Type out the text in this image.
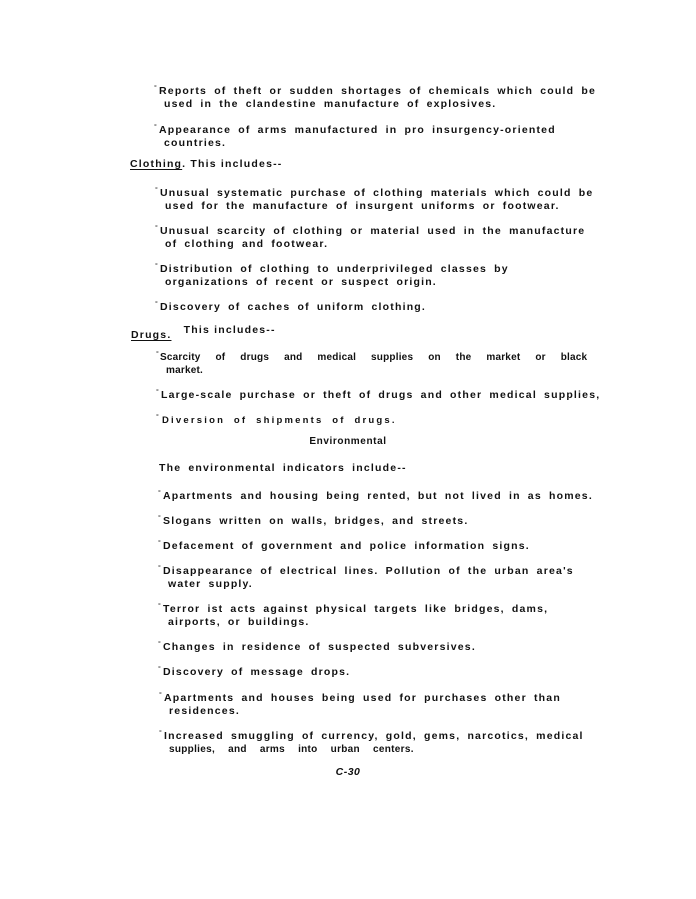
°Reports of theft or sudden shortages of chemicals which could be
used in the clandestine manufacture of explosives.
°Appearance of arms manufactured in pro insurgency-oriented
countries.
Clothing. This includes--
°Unusual systematic purchase of clothing materials which could be
used for the manufacture of insurgent uniforms or footwear.
°Unusual scarcity of clothing or material used in the manufacture
of clothing and footwear.
°Distribution of clothing to underprivileged classes by
organizations of recent or suspect origin.
°Discovery of caches of uniform clothing.
Drugs. This includes--
°Scarcity of drugs and medical supplies on the market or black
market.
°Large-scale purchase or theft of drugs and other medical supplies,
°Diversion of shipments of drugs.
Environmental
The environmental indicators include--
°Apartments and housing being rented, but not lived in as homes.
°Slogans written on walls, bridges, and streets.
°Defacement of government and police information signs.
°Disappearance of electrical lines. Pollution of the urban area's
water supply.
°Terror ist acts against physical targets like bridges, dams,
airports, or buildings.
°Changes in residence of suspected subversives.
°Discovery of message drops.
°Apartments and houses being used for purchases other than
residences.
°Increased smuggling of currency, gold, gems, narcotics, medical
supplies, and arms into urban centers.
C-30
